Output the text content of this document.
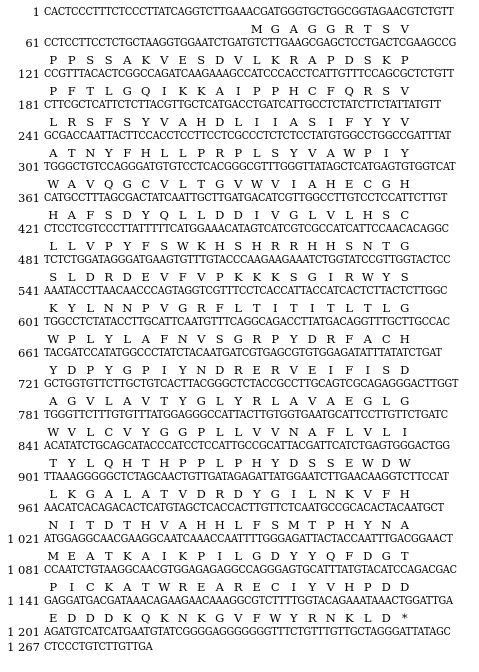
1 CACTCCCTTTCTCCCTTATCAGGTCTTGAAACGATGGGTGCTGGCGGTAGAACGTCTGTT
M G A G G R T S V
61 CCTCCTTCCTCTGCTAAGGTGGAATCTGATGTCTTGAAGCGAGCTCCTGACTCGAAGCCG
P P S S A K V E S D V L K R A P D S K P
121 CCGTTTACACTCGGCCAGATCAAGAAAGCCATCCCACCTCATTGTTTCCAGCGCTCTGTT
P F T L G Q	I	K K A	I	P P H C F Q R S V
181 CTTCGCTCATTCTCTTACGTTGCTCATGACCTGATCATTGCCTCTATCTTCTATTATGTT
L R S F S Y V A H D L	I	I	A S	I	F Y Y V
241 GCGACCAATTACTTCCACCTCCTTCCTCGCCCTCTCTCCTATGTGGCCTGGCCGATTTAT
A T N Y F H L L P R P L S Y V A W P	I	Y
301 TGGGCTGTCCAGGGATGTGTCCTCACGGGCGTTTGGGTTATAGCTCATGAGTGTGGTCAT
W A V Q G C V L T G V W V	I	A H E C G H
361 CATGCCTTTAGCGACTATCAATTGCTTGATGACATCGTTGGCCTTGTCCTCCATTCTTGT
H A F S D Y Q L L D D	I	V G L V L H S C
421 CTCCTCGTCCCTTATTTTTCATGGAAACATAGTCATCGTCGCCATCATTCCAACACAGGC
L L V P Y F S W K H S H R R H H S N T G
481 TCTCTGGATAGGGATGAAGTGTTTGTACCCAAGAAGAAATCTGGTATCCGTTGGTACTCC
S L D R D E V F V P K K K S G	I	R W Y S
541 AAATACCTTAACAACCCAGTAGGTCGTTTCCTCACCATTACCATCACTCTTACTCTTGGC
K Y L N N P V G R F L T	I	T	I	T L T L G
601 TGGCCTCTATACCTTGCATTCAATGTTTCAGGCAGACCTTATGACAGGTTTGCTTGCCAC
W P L Y L A F N V S G R P Y D R F A C H
661 TACGATCCATATGGCCCTATCTACAATGATCGTGAGCGTGTGGAGATATTTATATCTGAT
Y D P Y G P	I	Y N D R E R V E	I	F	I	S D
721 GCTGGTGTTCTTGCTGTCACTTACGGGCTCTACCGCCTTGCAGTCGCAGAGGGACTTGGT
A G V L A V T Y G L Y R L A V A E G L G
781 TGGGTTCTTTGTGTTTATGGAGGGCCATTACTTGTGGTGAATGCATTCCTTGTTCTGATC
W V L C V Y G G P L L V V N A F L V L	I
841 ACATATCTGCAGCATACCCATCCTCCATTGCCGCATTACGATTCATCTGAGTGGGACTGG
T Y L Q H T H P P L P H Y D S S E W D W
901 TTAAAGGGGGCTCTAGCAACTGTTGATAGAGATTATGGAATCTTGAACAAGGTCTTCCAT
L K G A L A T V D R D Y G	I	L N K V F H
961 AACATCACAGACACTCATGTAGCTCACCACTTGTTCTCAATGCCGCACACTACAATGCT
N I	T D T H V A H H L F S M T P H Y N A
1 021 ATGGAGGCAACGAAGGCAATCAAACCAATTTTGGGAGATTACTACCAATTTGACGGAACT
M E A T K A	I	K P	I	L G D Y Y Q F D G T
1 081 CCAATCTGTAAGGCAACGTGGAGAGAGGCCAGGGAGTGCATTTATGTACATCCAGACGAC
P	I	C K A T W R E A R E C	I	Y V H P D D
1 141 GAGGATGACGATAAACAGAAGAACAAAGGCGTCTTTTGGTACAGAAATAAACTGGATTGA
E D D D K Q K N K G V F W Y R N K L D *
1 201 AGATGTCATCATGAATGTATCGGGGAGGGGGGGTTTCTGTTTGTTGCTAGGGATTATAGC
1 267 CTCCCTGTCTTGTTGA
